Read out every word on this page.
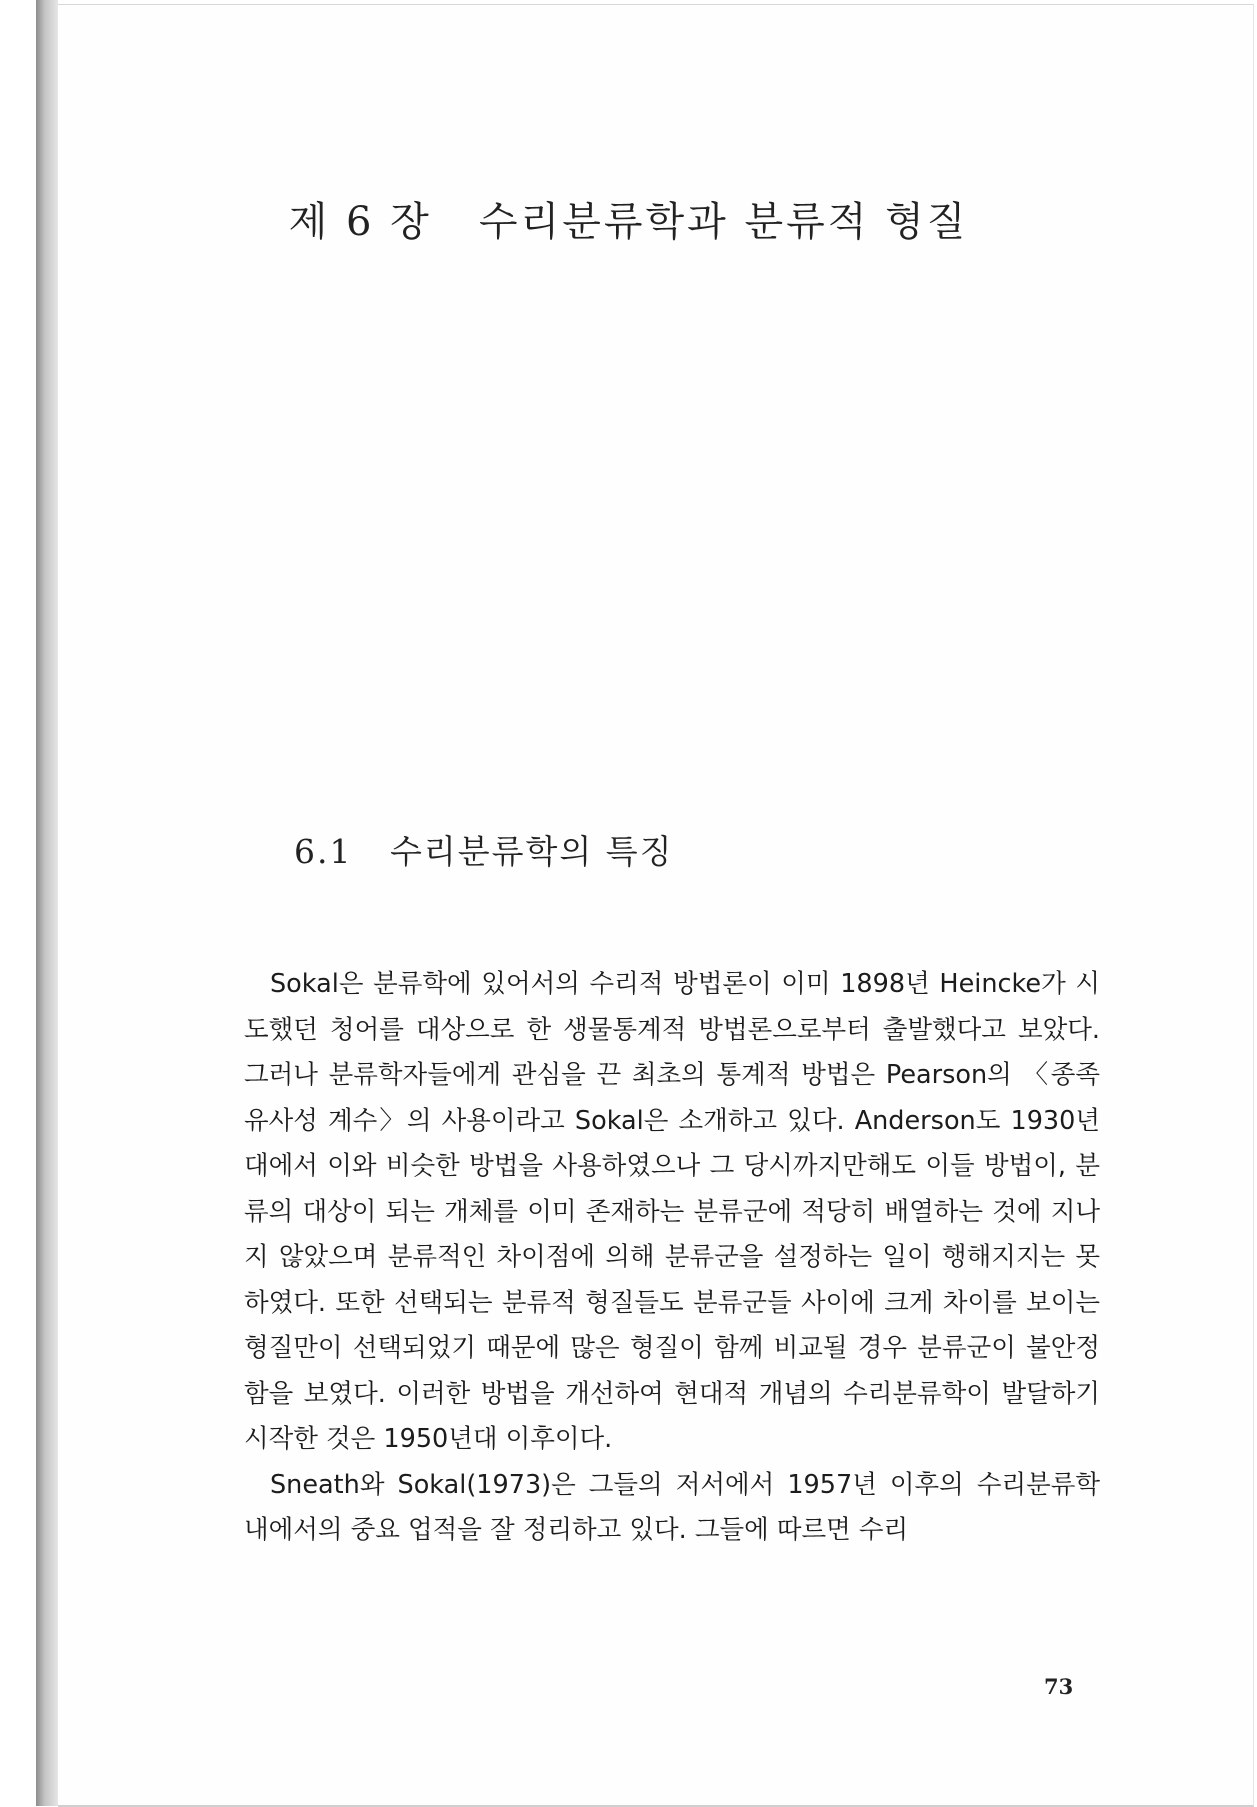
제 6 장   수리분류학과 분류적 형질
6.1   수리분류학의 특징

Sokal은 분류학에 있어서의 수리적 방법론이 이미 1898년 Heincke가 시도했던 청어를 대상으로 한 생물통계적 방법론으로부터 출발했다고 보았다. 그러나 분류학자들에게 관심을 끈 최초의 통계적 방법은 Pearson의 〈종족 유사성 계수〉의 사용이라고 Sokal은 소개하고 있다. Anderson도 1930년 대에서 이와 비슷한 방법을 사용하였으나 그 당시까지만해도 이들 방법이, 분류의 대상이 되는 개체를 이미 존재하는 분류군에 적당히 배열하는 것에 지나지 않았으며 분류적인 차이점에 의해 분류군을 설정하는 일이 행해지지는 못하였다. 또한 선택되는 분류적 형질들도 분류군들 사이에 크게 차이를 보이는 형질만이 선택되었기 때문에 많은 형질이 함께 비교될 경우 분류군이 불안정함을 보였다. 이러한 방법을 개선하여 현대적 개념의 수리분류학이 발달하기 시작한 것은 1950년대 이후이다.

Sneath와 Sokal(1973)은 그들의 저서에서 1957년 이후의 수리분류학 내에서의 중요 업적을 잘 정리하고 있다. 그들에 따르면 수리

73
